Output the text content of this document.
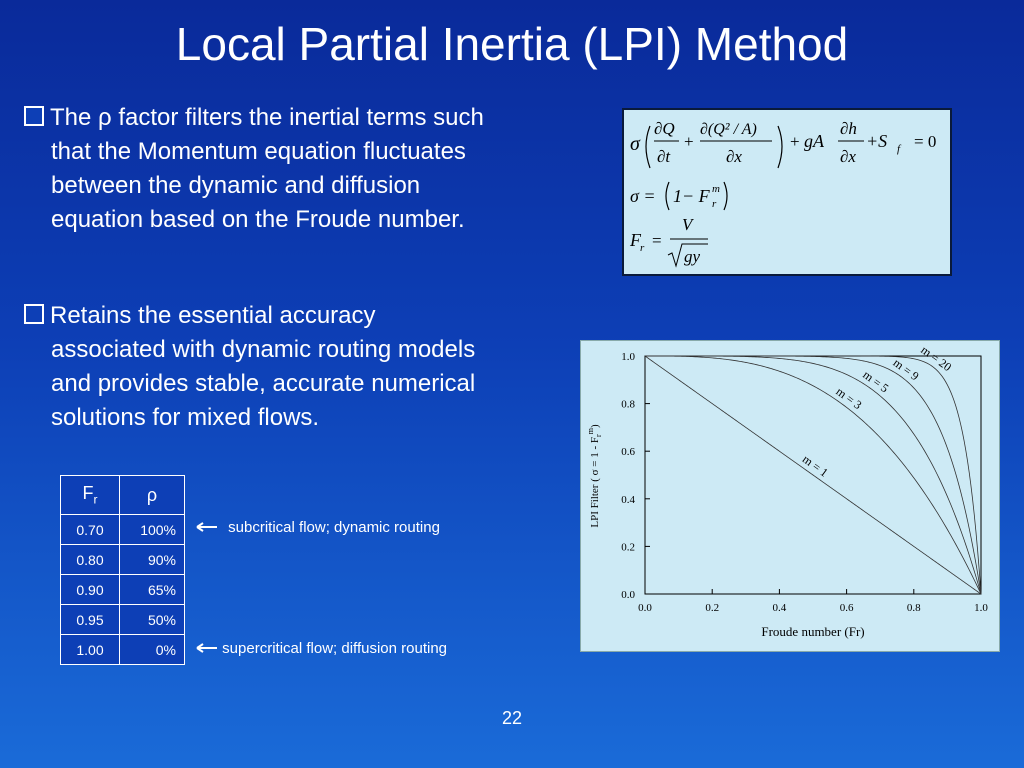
Local Partial Inertia (LPI) Method
The ρ factor filters the inertial terms such
that the Momentum equation fluctuates
between the dynamic and diffusion
equation based on the Froude number.
Retains the essential accuracy
associated with dynamic routing models
and provides stable, accurate numerical
solutions for mixed flows.
σ
∂Q
∂t
+
∂(Q² / A)
∂x
+ gA
∂h
∂x
+S f = 0
σ = 1− F r
m
F r =
V
gy
0.0	0.2	0.4	0.6	0.8	1.0
0.0
0.2
0.4
0.6
0.8
1.0
m = 1
m = 3
m = 5 m = 9
m = 20
Froude number (Fr)
LPI Filter ( $\sigma = 1 - F_r^m$)
$F_r$	ρ
0.70	100%
0.80	90%
0.90	65%
0.95	50%
1.00	0%
subcritical flow; dynamic routing
supercritical flow; diffusion routing
22
